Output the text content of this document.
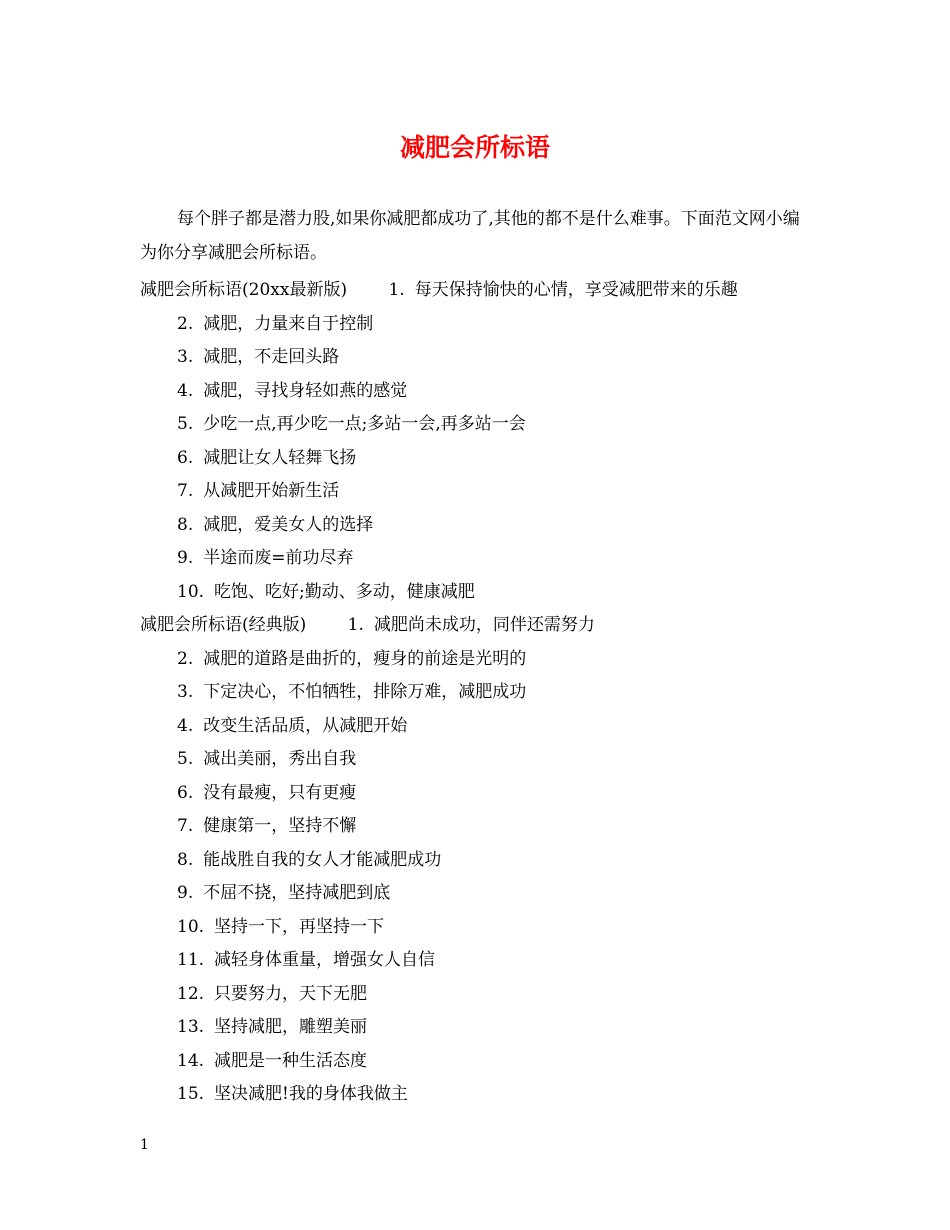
减肥会所标语

每个胖子都是潜力股,如果你减肥都成功了,其他的都不是什么难事。下面范文网小编为你分享减肥会所标语。

减肥会所标语(20xx最新版) 1. 每天保持愉快的心情，享受减肥带来的乐趣
2. 减肥，力量来自于控制
3. 减肥，不走回头路
4. 减肥，寻找身轻如燕的感觉
5. 少吃一点,再少吃一点;多站一会,再多站一会
6. 减肥让女人轻舞飞扬
7. 从减肥开始新生活
8. 减肥，爱美女人的选择
9. 半途而废=前功尽弃
10. 吃饱、吃好;勤动、多动，健康减肥
减肥会所标语(经典版) 1. 减肥尚未成功，同伴还需努力
2. 减肥的道路是曲折的，瘦身的前途是光明的
3. 下定决心，不怕牺牲，排除万难，减肥成功
4. 改变生活品质，从减肥开始
5. 减出美丽，秀出自我
6. 没有最瘦，只有更瘦
7. 健康第一，坚持不懈
8. 能战胜自我的女人才能减肥成功
9. 不屈不挠，坚持减肥到底
10. 坚持一下，再坚持一下
11. 减轻身体重量，增强女人自信
12. 只要努力，天下无肥
13. 坚持减肥，雕塑美丽
14. 减肥是一种生活态度
15. 坚决减肥!我的身体我做主
1
